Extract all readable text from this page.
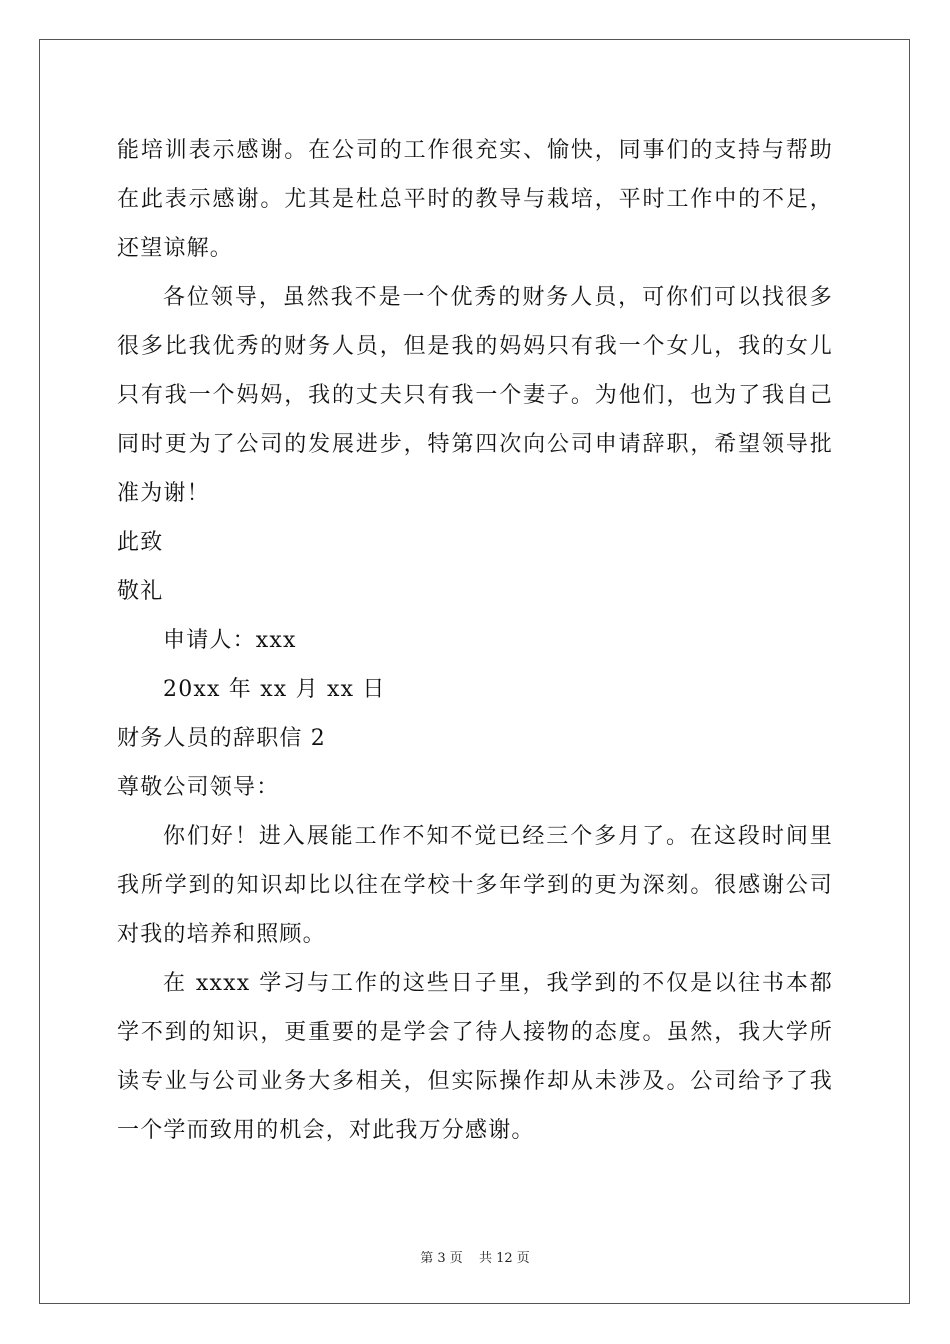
能培训表示感谢。在公司的工作很充实、愉快，同事们的支持与帮助在此表示感谢。尤其是杜总平时的教导与栽培，平时工作中的不足，还望谅解。

各位领导，虽然我不是一个优秀的财务人员，可你们可以找很多很多比我优秀的财务人员，但是我的妈妈只有我一个女儿，我的女儿只有我一个妈妈，我的丈夫只有我一个妻子。为他们，也为了我自己同时更为了公司的发展进步，特第四次向公司申请辞职，希望领导批准为谢！

此致

敬礼

申请人：xxx

20xx 年 xx 月 xx 日

财务人员的辞职信 2

尊敬公司领导：

你们好！进入展能工作不知不觉已经三个多月了。在这段时间里我所学到的知识却比以往在学校十多年学到的更为深刻。很感谢公司对我的培养和照顾。

在 xxxx 学习与工作的这些日子里，我学到的不仅是以往书本都学不到的知识，更重要的是学会了待人接物的态度。虽然，我大学所读专业与公司业务大多相关，但实际操作却从未涉及。公司给予了我一个学而致用的机会，对此我万分感谢。

第 3 页 共 12 页
